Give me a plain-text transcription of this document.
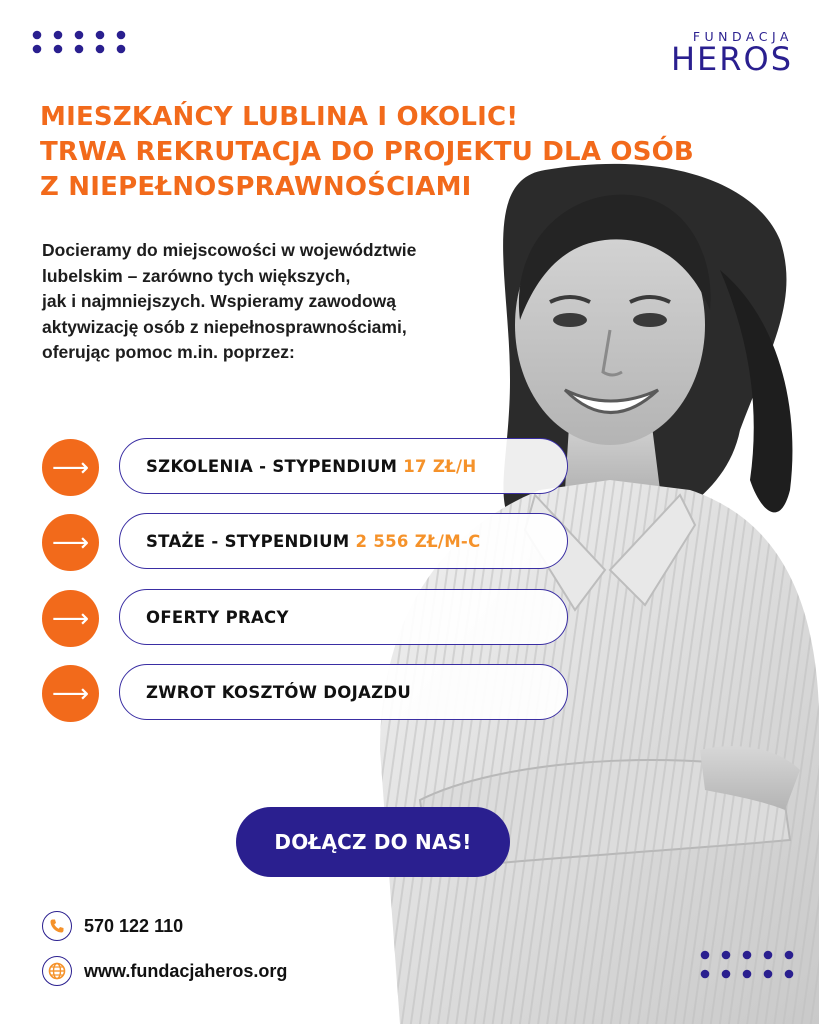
FUNDACJA
HEROS
MIESZKAŃCY LUBLINA I OKOLIC!
TRWA REKRUTACJA DO PROJEKTU DLA OSÓB
Z NIEPEŁNOSPRAWNOŚCIAMI
Docieramy do miejscowości w województwie
lubelskim – zarówno tych większych,
jak i najmniejszych. Wspieramy zawodową
aktywizację osób z niepełnosprawnościami,
oferując pomoc m.in. poprzez:
⟶	SZKOLENIA - STYPENDIUM 17 ZŁ/H
⟶	STAŻE - STYPENDIUM 2 556 ZŁ/M-C
⟶	OFERTY PRACY
⟶	ZWROT KOSZTÓW DOJAZDU
DOŁĄCZ DO NAS!
570 122 110
www.fundacjaheros.org
